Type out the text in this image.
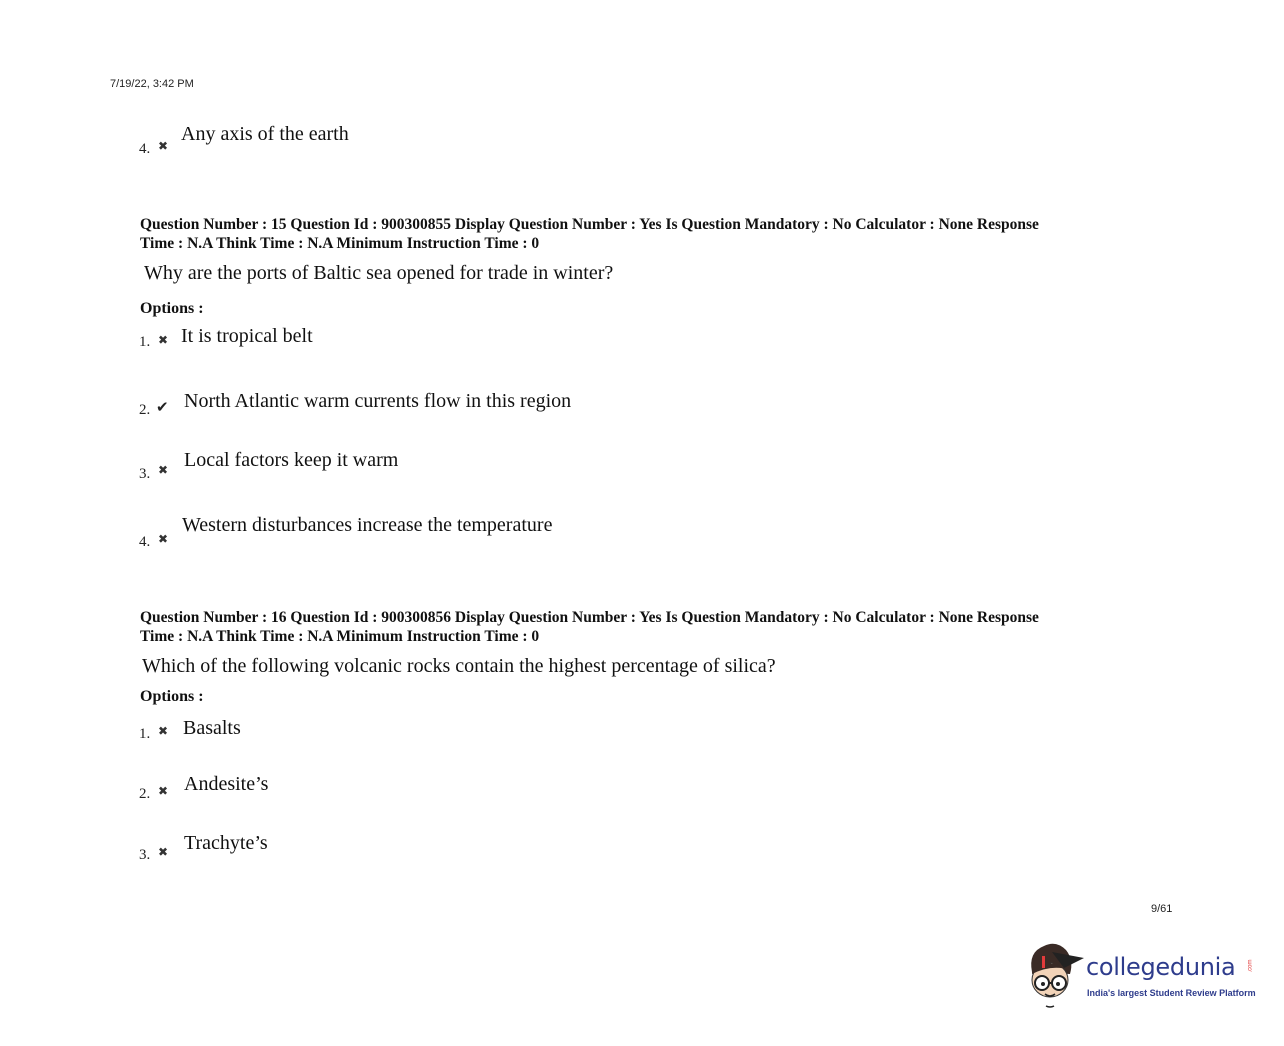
7/19/22, 3:42 PM
4. ✖
Any axis of the earth
Question Number : 15 Question Id : 900300855 Display Question Number : Yes Is Question Mandatory : No Calculator : None Response
Time : N.A Think Time : N.A Minimum Instruction Time : 0
Why are the ports of Baltic sea opened for trade in winter?
Options :
1. ✖ It is tropical belt
2. ✔ North Atlantic warm currents flow in this region
3. ✖ Local factors keep it warm
4. ✖
Western disturbances increase the temperature
Question Number : 16 Question Id : 900300856 Display Question Number : Yes Is Question Mandatory : No Calculator : None Response
Time : N.A Think Time : N.A Minimum Instruction Time : 0
Which of the following volcanic rocks contain the highest percentage of silica?
Options :
1. ✖ Basalts
2. ✖ Andesite’s
3. ✖ Trachyte’s
9/61
collegedunia .com
India's largest Student Review Platform
